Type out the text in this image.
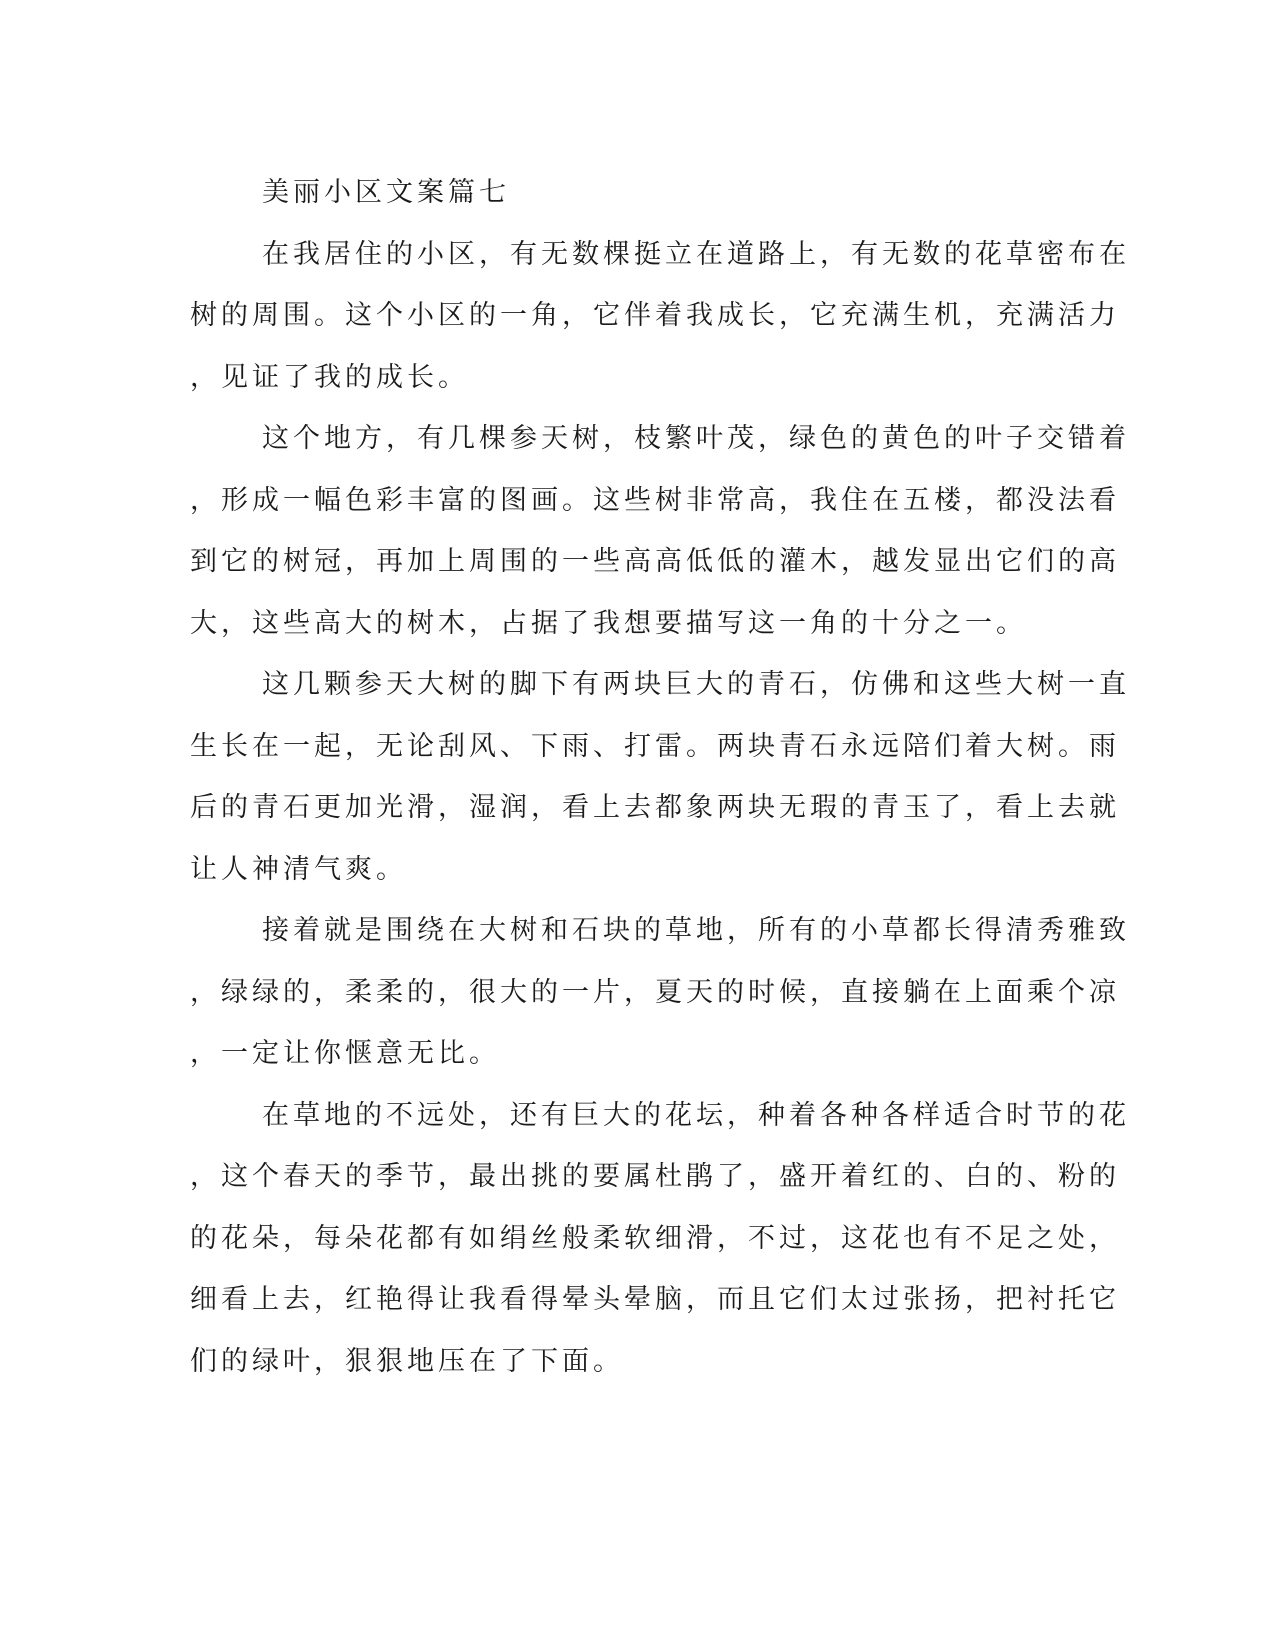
美丽小区文案篇七

在我居住的小区，有无数棵挺立在道路上，有无数的花草密布在

树的周围。这个小区的一角，它伴着我成长，它充满生机，充满活力

，见证了我的成长。

这个地方，有几棵参天树，枝繁叶茂，绿色的黄色的叶子交错着

，形成一幅色彩丰富的图画。这些树非常高，我住在五楼，都没法看

到它的树冠，再加上周围的一些高高低低的灌木，越发显出它们的高

大，这些高大的树木，占据了我想要描写这一角的十分之一。

这几颗参天大树的脚下有两块巨大的青石，仿佛和这些大树一直

生长在一起，无论刮风、下雨、打雷。两块青石永远陪们着大树。雨

后的青石更加光滑，湿润，看上去都象两块无瑕的青玉了，看上去就

让人神清气爽。

接着就是围绕在大树和石块的草地，所有的小草都长得清秀雅致

，绿绿的，柔柔的，很大的一片，夏天的时候，直接躺在上面乘个凉

，一定让你惬意无比。

在草地的不远处，还有巨大的花坛，种着各种各样适合时节的花

，这个春天的季节，最出挑的要属杜鹃了，盛开着红的、白的、粉的

的花朵，每朵花都有如绢丝般柔软细滑，不过，这花也有不足之处，

细看上去，红艳得让我看得晕头晕脑，而且它们太过张扬，把衬托它

们的绿叶，狠狠地压在了下面。
